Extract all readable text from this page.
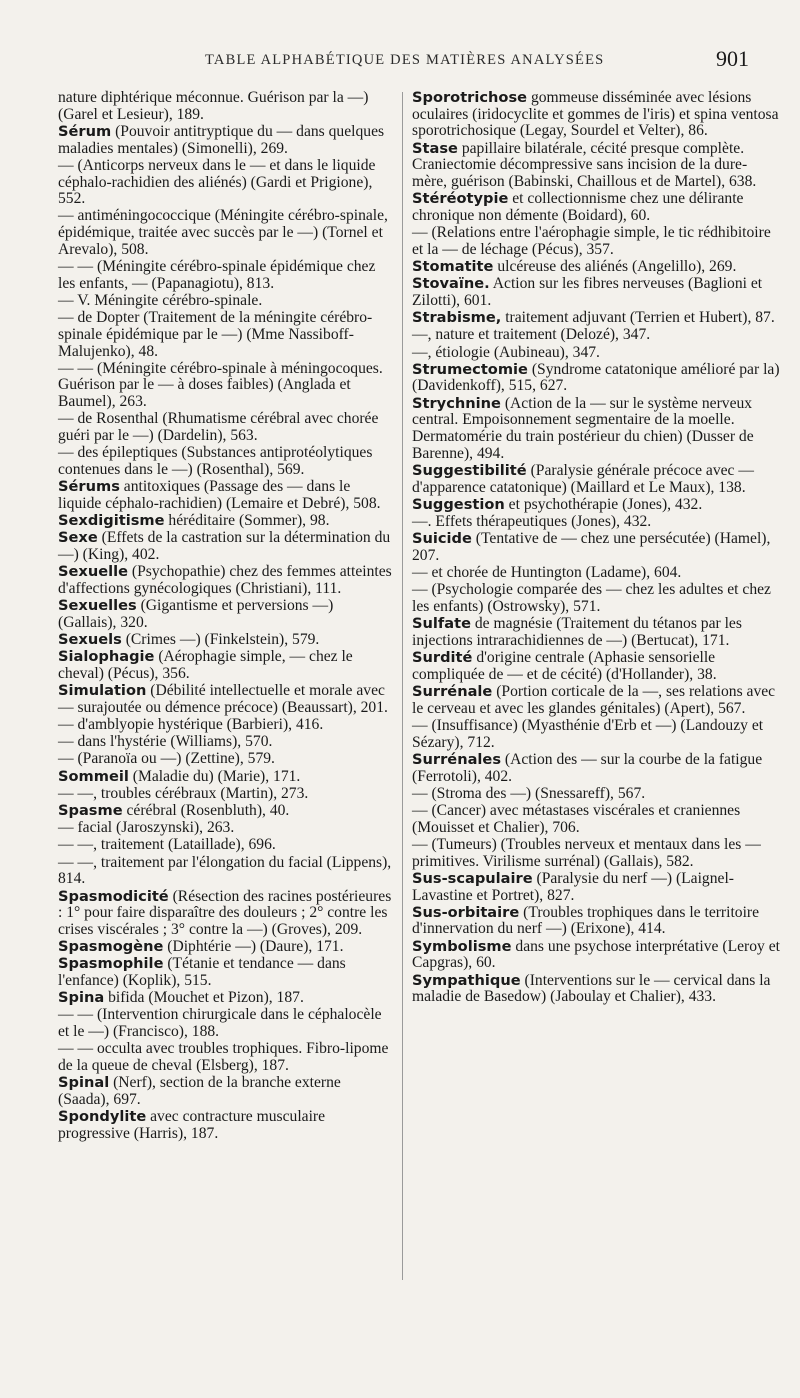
TABLE ALPHABÉTIQUE DES MATIÈRES ANALYSÉES	901
nature diphtérique méconnue. Guérison par la —) (Garel et Lesieur), 189.
Sérum (Pouvoir antitryptique du — dans quelques maladies mentales) (Simonelli), 269.
— (Anticorps nerveux dans le — et dans le liquide céphalo-rachidien des aliénés) (Gardi et Prigione), 552.
— antiméningococcique (Méningite cérébro-spinale, épidémique, traitée avec succès par le —) (Tornel et Arevalo), 508.
— — (Méningite cérébro-spinale épidémique chez les enfants, — (Papanagiotu), 813.
— V. Méningite cérébro-spinale.
— de Dopter (Traitement de la méningite cérébro-spinale épidémique par le —) (Mme Nassiboff-Malujenko), 48.
— — (Méningite cérébro-spinale à méningocoques. Guérison par le — à doses faibles) (Anglada et Baumel), 263.
— de Rosenthal (Rhumatisme cérébral avec chorée guéri par le —) (Dardelin), 563.
— des épileptiques (Substances antiprotéolytiques contenues dans le —) (Rosenthal), 569.
Sérums antitoxiques (Passage des — dans le liquide céphalo-rachidien) (Lemaire et Debré), 508.
Sexdigitisme héréditaire (Sommer), 98.
Sexe (Effets de la castration sur la détermination du —) (King), 402.
Sexuelle (Psychopathie) chez des femmes atteintes d'affections gynécologiques (Christiani), 111.
Sexuelles (Gigantisme et perversions —) (Gallais), 320.
Sexuels (Crimes —) (Finkelstein), 579.
Sialophagie (Aérophagie simple, — chez le cheval) (Pécus), 356.
Simulation (Débilité intellectuelle et morale avec — surajoutée ou démence précoce) (Beaussart), 201.
— d'amblyopie hystérique (Barbieri), 416.
— dans l'hystérie (Williams), 570.
— (Paranoïa ou —) (Zettine), 579.
Sommeil (Maladie du) (Marie), 171.
— —, troubles cérébraux (Martin), 273.
Spasme cérébral (Rosenbluth), 40.
— facial (Jaroszynski), 263.
— —, traitement (Lataillade), 696.
— —, traitement par l'élongation du facial (Lippens), 814.
Spasmodicité (Résection des racines postérieures : 1° pour faire disparaître des douleurs ; 2° contre les crises viscérales ; 3° contre la —) (Groves), 209.
Spasmogène (Diphtérie —) (Daure), 171.
Spasmophile (Tétanie et tendance — dans l'enfance) (Koplik), 515.
Spina bifida (Mouchet et Pizon), 187.
— — (Intervention chirurgicale dans le céphalocèle et le —) (Francisco), 188.
— — occulta avec troubles trophiques. Fibro-lipome de la queue de cheval (Elsberg), 187.
Spinal (Nerf), section de la branche externe (Saada), 697.
Spondylite avec contracture musculaire progressive (Harris), 187.
Sporotrichose gommeuse disséminée avec lésions oculaires (iridocyclite et gommes de l'iris) et spina ventosa sporotrichosique (Legay, Sourdel et Velter), 86.
Stase papillaire bilatérale, cécité presque complète. Craniectomie décompressive sans incision de la dure-mère, guérison (Babinski, Chaillous et de Martel), 638.
Stéréotypie et collectionnisme chez une délirante chronique non démente (Boidard), 60.
— (Relations entre l'aérophagie simple, le tic rédhibitoire et la — de léchage (Pécus), 357.
Stomatite ulcéreuse des aliénés (Angelillo), 269.
Stovaïne. Action sur les fibres nerveuses (Baglioni et Zilotti), 601.
Strabisme, traitement adjuvant (Terrien et Hubert), 87.
—, nature et traitement (Delozé), 347.
—, étiologie (Aubineau), 347.
Strumectomie (Syndrome catatonique amélioré par la) (Davidenkoff), 515, 627.
Strychnine (Action de la — sur le système nerveux central. Empoisonnement segmentaire de la moelle. Dermatomérie du train postérieur du chien) (Dusser de Barenne), 494.
Suggestibilité (Paralysie générale précoce avec — d'apparence catatonique) (Maillard et Le Maux), 138.
Suggestion et psychothérapie (Jones), 432.
—. Effets thérapeutiques (Jones), 432.
Suicide (Tentative de — chez une persécutée) (Hamel), 207.
— et chorée de Huntington (Ladame), 604.
— (Psychologie comparée des — chez les adultes et chez les enfants) (Ostrowsky), 571.
Sulfate de magnésie (Traitement du tétanos par les injections intrarachidiennes de —) (Bertucat), 171.
Surdité d'origine centrale (Aphasie sensorielle compliquée de — et de cécité) (d'Hollander), 38.
Surrénale (Portion corticale de la —, ses relations avec le cerveau et avec les glandes génitales) (Apert), 567.
— (Insuffisance) (Myasthénie d'Erb et —) (Landouzy et Sézary), 712.
Surrénales (Action des — sur la courbe de la fatigue (Ferrotoli), 402.
— (Stroma des —) (Snessareff), 567.
— (Cancer) avec métastases viscérales et craniennes (Mouisset et Chalier), 706.
— (Tumeurs) (Troubles nerveux et mentaux dans les — primitives. Virilisme surrénal) (Gallais), 582.
Sus-scapulaire (Paralysie du nerf —) (Laignel-Lavastine et Portret), 827.
Sus-orbitaire (Troubles trophiques dans le territoire d'innervation du nerf —) (Erixone), 414.
Symbolisme dans une psychose interprétative (Leroy et Capgras), 60.
Sympathique (Interventions sur le — cervical dans la maladie de Basedow) (Jaboulay et Chalier), 433.
